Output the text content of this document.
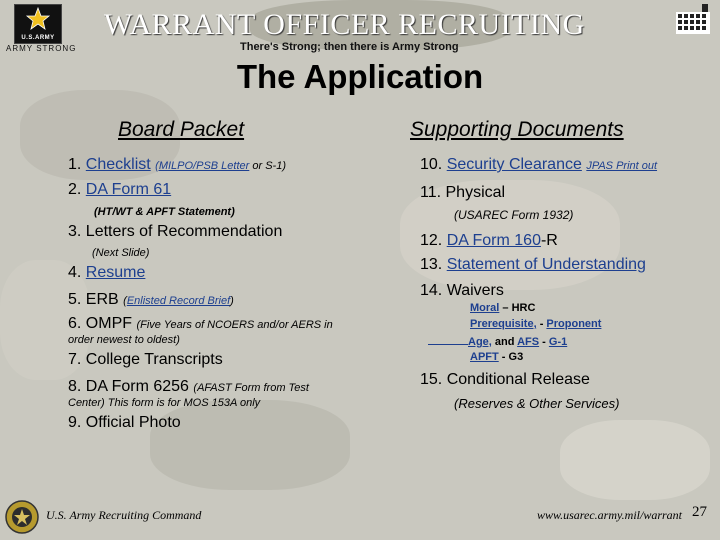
U.S.ARMY
ARMY STRONG
WARRANT OFFICER RECRUITING
There's Strong; then there is Army Strong
The Application
Board Packet
1. Checklist (MILPO/PSB Letter or S-1)
2. DA Form 61
(HT/WT & APFT Statement)
3. Letters of Recommendation
(Next Slide)
4. Resume
5. ERB (Enlisted Record Brief)
6. OMPF (Five Years of NCOERS and/or AERS in
order newest to oldest)
7. College Transcripts
8. DA Form 6256 (AFAST Form from Test
Center) This form is for MOS 153A only
9. Official Photo
Supporting Documents
10. Security Clearance JPAS Print out
11. Physical
(USAREC Form 1932)
12. DA Form 160-R
13. Statement of Understanding
14. Waivers
Moral – HRC
Prerequisite, - Proponent
Age, and AFS - G-1
APFT - G3
15. Conditional Release
(Reserves & Other Services)
U.S. Army Recruiting Command	www.usarec.army.mil/warrant 27
